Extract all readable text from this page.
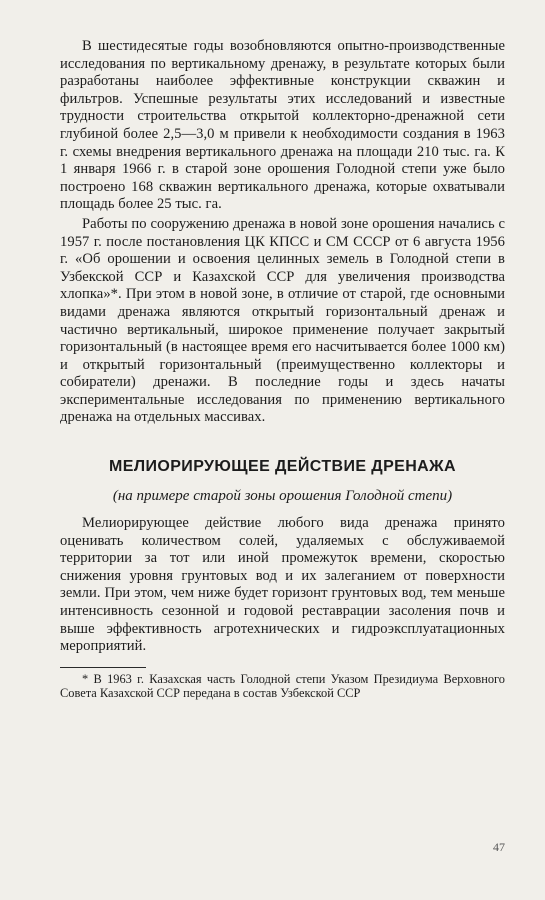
В шестидесятые годы возобновляются опытно-производственные исследования по вертикальному дренажу, в результате которых были разработаны наиболее эффективные конструкции скважин и фильтров. Успешные результаты этих исследований и известные трудности строительства открытой коллекторно-дренажной сети глубиной более 2,5—3,0 м привели к необходимости создания в 1963 г. схемы внедрения вертикального дренажа на площади 210 тыс. га. К 1 января 1966 г. в старой зоне орошения Голодной степи уже было построено 168 скважин вертикального дренажа, которые охватывали площадь более 25 тыс. га.

Работы по сооружению дренажа в новой зоне орошения начались с 1957 г. после постановления ЦК КПСС и СМ СССР от 6 августа 1956 г. «Об орошении и освоения целинных земель в Голодной степи в Узбекской ССР и Казахской ССР для увеличения производства хлопка»*. При этом в новой зоне, в отличие от старой, где основными видами дренажа являются открытый горизонтальный дренаж и частично вертикальный, широкое применение получает закрытый горизонтальный (в настоящее время его насчитывается более 1000 км) и открытый горизонтальный (преимущественно коллекторы и собиратели) дренажи. В последние годы и здесь начаты экспериментальные исследования по применению вертикального дренажа на отдельных массивах.

МЕЛИОРИРУЮЩЕЕ ДЕЙСТВИЕ ДРЕНАЖА
(на примере старой зоны орошения Голодной степи)

Мелиорирующее действие любого вида дренажа принято оценивать количеством солей, удаляемых с обслуживаемой территории за тот или иной промежуток времени, скоростью снижения уровня грунтовых вод и их залеганием от поверхности земли. При этом, чем ниже будет горизонт грунтовых вод, тем меньше интенсивность сезонной и годовой реставрации засоления почв и выше эффективность агротехнических и гидроэксплуатационных мероприятий.

* В 1963 г. Казахская часть Голодной степи Указом Президиума Верховного Совета Казахской ССР передана в состав Узбекской ССР

47
